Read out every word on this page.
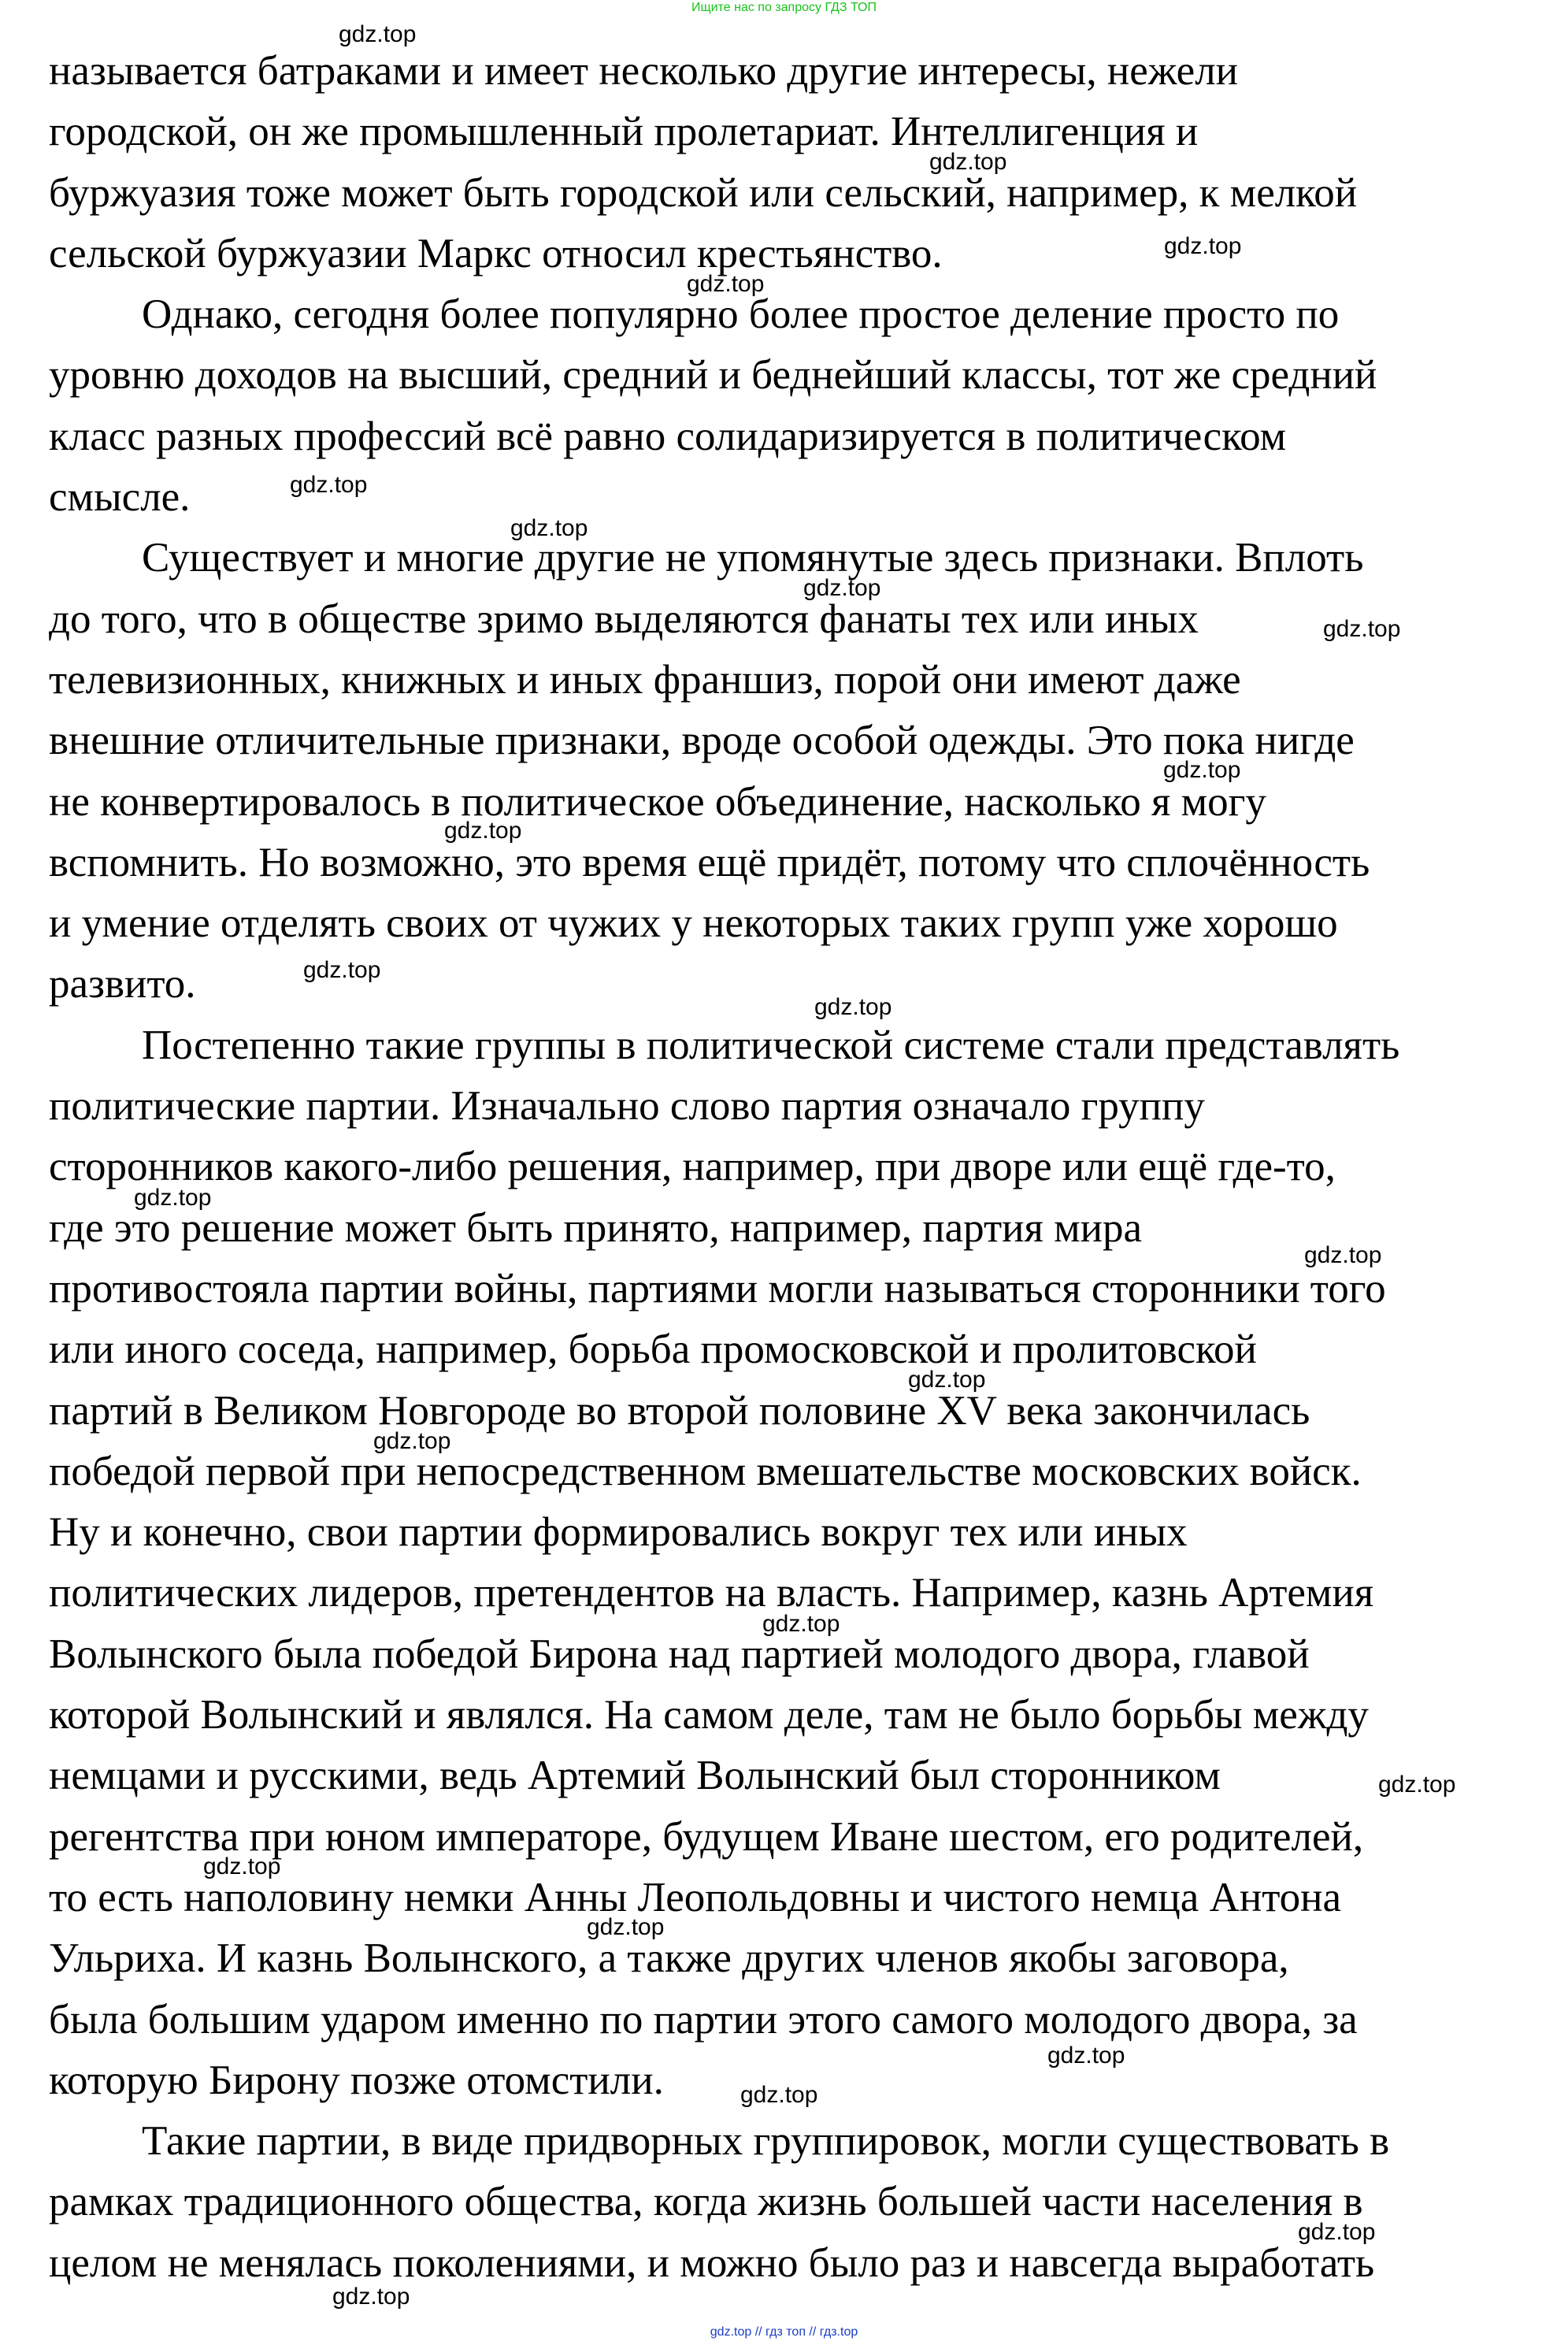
Ищите нас по запросу ГДЗ ТОП

называется батраками и имеет несколько другие интересы, нежели
городской, он же промышленный пролетариат. Интеллигенция и
буржуазия тоже может быть городской или сельский, например, к мелкой
сельской буржуазии Маркс относил крестьянство.

Однако, сегодня более популярно более простое деление просто по
уровню доходов на высший, средний и беднейший классы, тот же средний
класс разных профессий всё равно солидаризируется в политическом
смысле.

Существует и многие другие не упомянутые здесь признаки. Вплоть
до того, что в обществе зримо выделяются фанаты тех или иных
телевизионных, книжных и иных франшиз, порой они имеют даже
внешние отличительные признаки, вроде особой одежды. Это пока нигде
не конвертировалось в политическое объединение, насколько я могу
вспомнить. Но возможно, это время ещё придёт, потому что сплочённость
и умение отделять своих от чужих у некоторых таких групп уже хорошо
развито.

Постепенно такие группы в политической системе стали представлять
политические партии. Изначально слово партия означало группу
сторонников какого-либо решения, например, при дворе или ещё где-то,
где это решение может быть принято, например, партия мира
противостояла партии войны, партиями могли называться сторонники того
или иного соседа, например, борьба промосковской и пролитовской
партий в Великом Новгороде во второй половине XV века закончилась
победой первой при непосредственном вмешательстве московских войск.
Ну и конечно, свои партии формировались вокруг тех или иных
политических лидеров, претендентов на власть. Например, казнь Артемия
Волынского была победой Бирона над партией молодого двора, главой
которой Волынский и являлся. На самом деле, там не было борьбы между
немцами и русскими, ведь Артемий Волынский был сторонником
регентства при юном императоре, будущем Иване шестом, его родителей,
то есть наполовину немки Анны Леопольдовны и чистого немца Антона
Ульриха. И казнь Волынского, а также других членов якобы заговора,
была большим ударом именно по партии этого самого молодого двора, за
которую Бирону позже отомстили.

Такие партии, в виде придворных группировок, могли существовать в
рамках традиционного общества, когда жизнь большей части населения в
целом не менялась поколениями, и можно было раз и навсегда выработать

gdz.top
gdz.top
gdz.top
gdz.top
gdz.top
gdz.top
gdz.top
gdz.top
gdz.top
gdz.top
gdz.top
gdz.top
gdz.top
gdz.top
gdz.top
gdz.top
gdz.top
gdz.top
gdz.top
gdz.top
gdz.top
gdz.top
gdz.top
gdz.top
gdz.top // гдз топ // гдз.top
